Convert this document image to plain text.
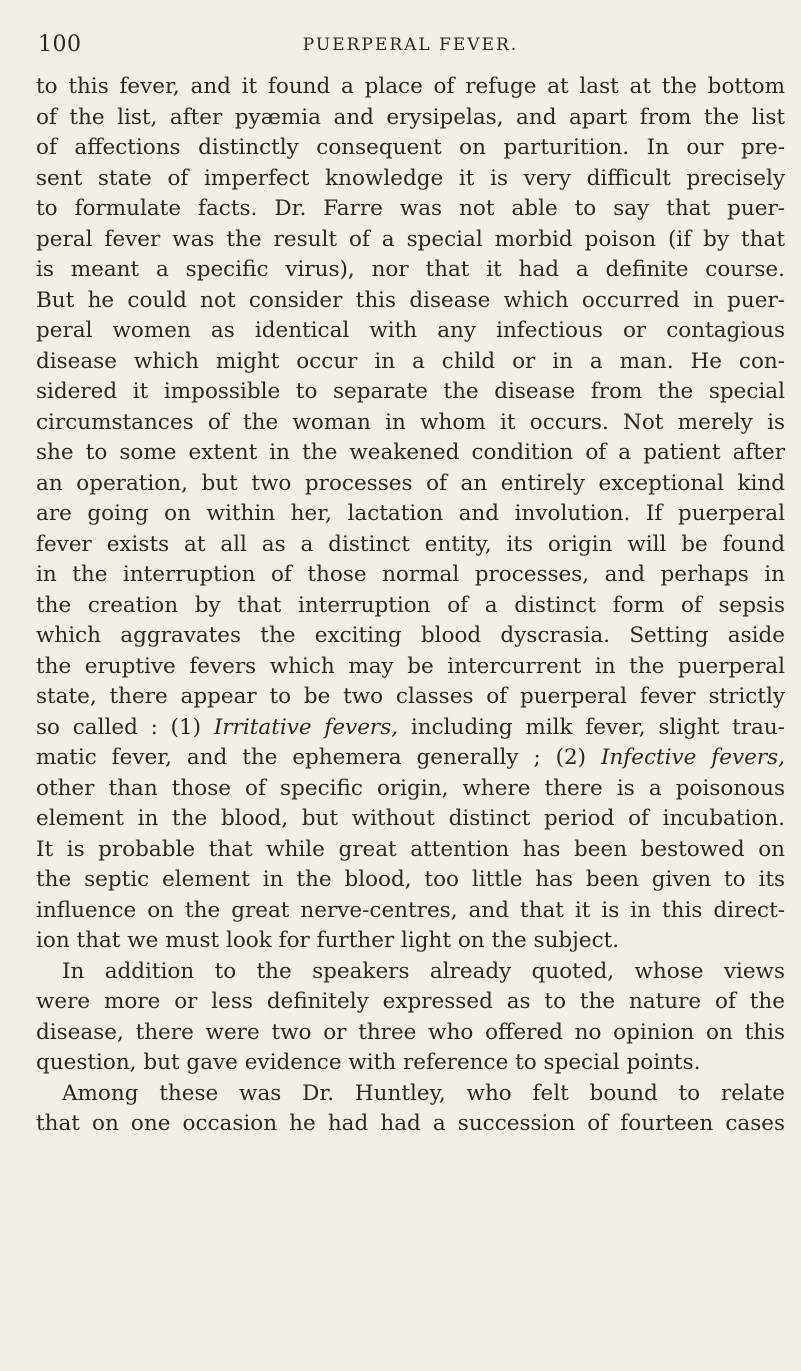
100	PUERPERAL FEVER.
to this fever, and it found a place of refuge at last at the bottom
of the list, after pyæmia and erysipelas, and apart from the list
of affections distinctly consequent on parturition. In our pre-
sent state of imperfect knowledge it is very difficult precisely
to formulate facts. Dr. Farre was not able to say that puer-
peral fever was the result of a special morbid poison (if by that
is meant a specific virus), nor that it had a definite course.
But he could not consider this disease which occurred in puer-
peral women as identical with any infectious or contagious
disease which might occur in a child or in a man. He con-
sidered it impossible to separate the disease from the special
circumstances of the woman in whom it occurs. Not merely is
she to some extent in the weakened condition of a patient after
an operation, but two processes of an entirely exceptional kind
are going on within her, lactation and involution. If puerperal
fever exists at all as a distinct entity, its origin will be found
in the interruption of those normal processes, and perhaps in
the creation by that interruption of a distinct form of sepsis
which aggravates the exciting blood dyscrasia. Setting aside
the eruptive fevers which may be intercurrent in the puerperal
state, there appear to be two classes of puerperal fever strictly
so called : (1) Irritative fevers, including milk fever, slight trau-
matic fever, and the ephemera generally ; (2) Infective fevers,
other than those of specific origin, where there is a poisonous
element in the blood, but without distinct period of incubation.
It is probable that while great attention has been bestowed on
the septic element in the blood, too little has been given to its
influence on the great nerve-centres, and that it is in this direct-
ion that we must look for further light on the subject.
In addition to the speakers already quoted, whose views
were more or less definitely expressed as to the nature of the
disease, there were two or three who offered no opinion on this
question, but gave evidence with reference to special points.
Among these was Dr. Huntley, who felt bound to relate
that on one occasion he had had a succession of fourteen cases
